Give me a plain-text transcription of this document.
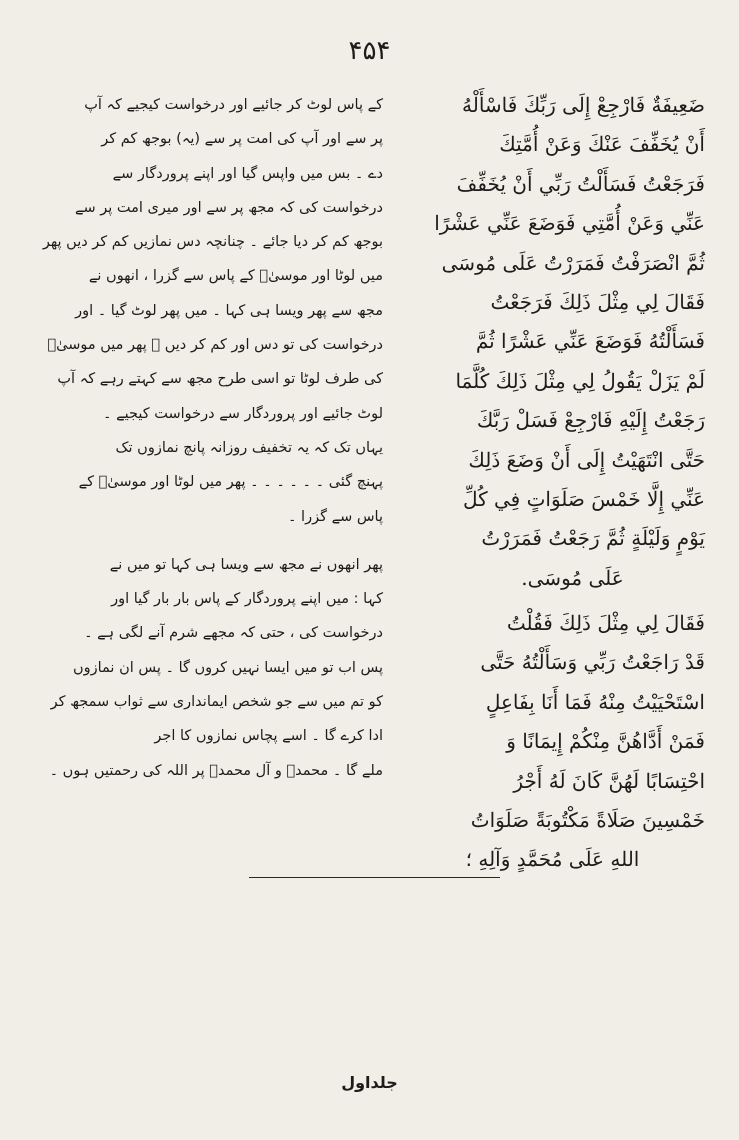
۴۵۴
ضَعِيفَةٌ فَارْجِعْ إِلَى رَبِّكَ فَاسْأَلْهُ
أَنْ يُخَفِّفَ عَنْكَ وَعَنْ أُمَّتِكَ
فَرَجَعْتُ فَسَأَلْتُ رَبِّي أَنْ يُخَفِّفَ
عَنِّي وَعَنْ أُمَّتِي فَوَضَعَ عَنِّي عَشْرًا
ثُمَّ انْصَرَفْتُ فَمَرَرْتُ عَلَى مُوسَى
فَقَالَ لِي مِثْلَ ذَلِكَ فَرَجَعْتُ
فَسَأَلْتُهُ فَوَضَعَ عَنِّي عَشْرًا ثُمَّ
لَمْ يَزَلْ يَقُولُ لِي مِثْلَ ذَلِكَ كُلَّمَا
رَجَعْتُ إِلَيْهِ فَارْجِعْ فَسَلْ رَبَّكَ
حَتَّى انْتَهَيْتُ إِلَى أَنْ وَضَعَ ذَلِكَ
عَنِّي إِلَّا خَمْسَ صَلَوَاتٍ فِي كُلِّ
يَوْمٍ وَلَيْلَةٍ ثُمَّ رَجَعْتُ فَمَرَرْتُ
عَلَى مُوسَى.
فَقَالَ لِي مِثْلَ ذَلِكَ فَقُلْتُ
قَدْ رَاجَعْتُ رَبِّي وَسَأَلْتُهُ حَتَّى
اسْتَحْيَيْتُ مِنْهُ فَمَا أَنَا بِفَاعِلٍ
فَمَنْ أَدَّاهُنَّ مِنْكُمْ إِيمَانًا وَ
احْتِسَابًا لَهُنَّ كَانَ لَهُ أَجْرُ
خَمْسِينَ صَلَاةً مَكْتُوبَةً صَلَوَاتُ
اللهِ عَلَى مُحَمَّدٍ وَآلِهِ ؛
کے پاس لوٹ کر جائیے اور درخواست کیجیے کہ آپ
پر سے اور آپ کی امت پر سے (یہ) بوجھ کم کر
دے ۔ بس میں واپس گیا اور اپنے پروردگار سے
درخواست کی کہ مجھ پر سے اور میری امت پر سے
بوجھ کم کر دیا جائے ۔ چنانچہ دس نمازیں کم کر دیں پھر
میں لوٹا اور موسیٰؑ کے پاس سے گزرا ، انھوں نے
مجھ سے پھر ویسا ہی کہا ۔ میں پھر لوٹ گیا ۔ اور
درخواست کی تو دس اور کم کر دیں ۔ پھر میں موسیٰؑ
کی طرف لوٹا تو اسی طرح مجھ سے کہتے رہے کہ آپ
لوٹ جائیے اور پروردگار سے درخواست کیجیے ۔
یہاں تک کہ یہ تخفیف روزانہ پانچ نمازوں تک
پہنچ گئی ۔ ۔ ۔ ۔ ۔ ۔ پھر میں لوٹا اور موسیٰؑ کے
پاس سے گزرا ۔
پھر انھوں نے مجھ سے ویسا ہی کہا تو میں نے
کہا : میں اپنے پروردگار کے پاس بار بار گیا اور
درخواست کی ، حتی کہ مجھے شرم آنے لگی ہے ۔
پس اب تو میں ایسا نہیں کروں گا ۔ پس ان نمازوں
کو تم میں سے جو شخص ایمانداری سے ثواب سمجھ کر
ادا کرے گا ۔ اسے پچاس نمازوں کا اجر
ملے گا ۔ محمدؐ و آل محمدؐ پر اللہ کی رحمتیں ہوں ۔
جلداول
